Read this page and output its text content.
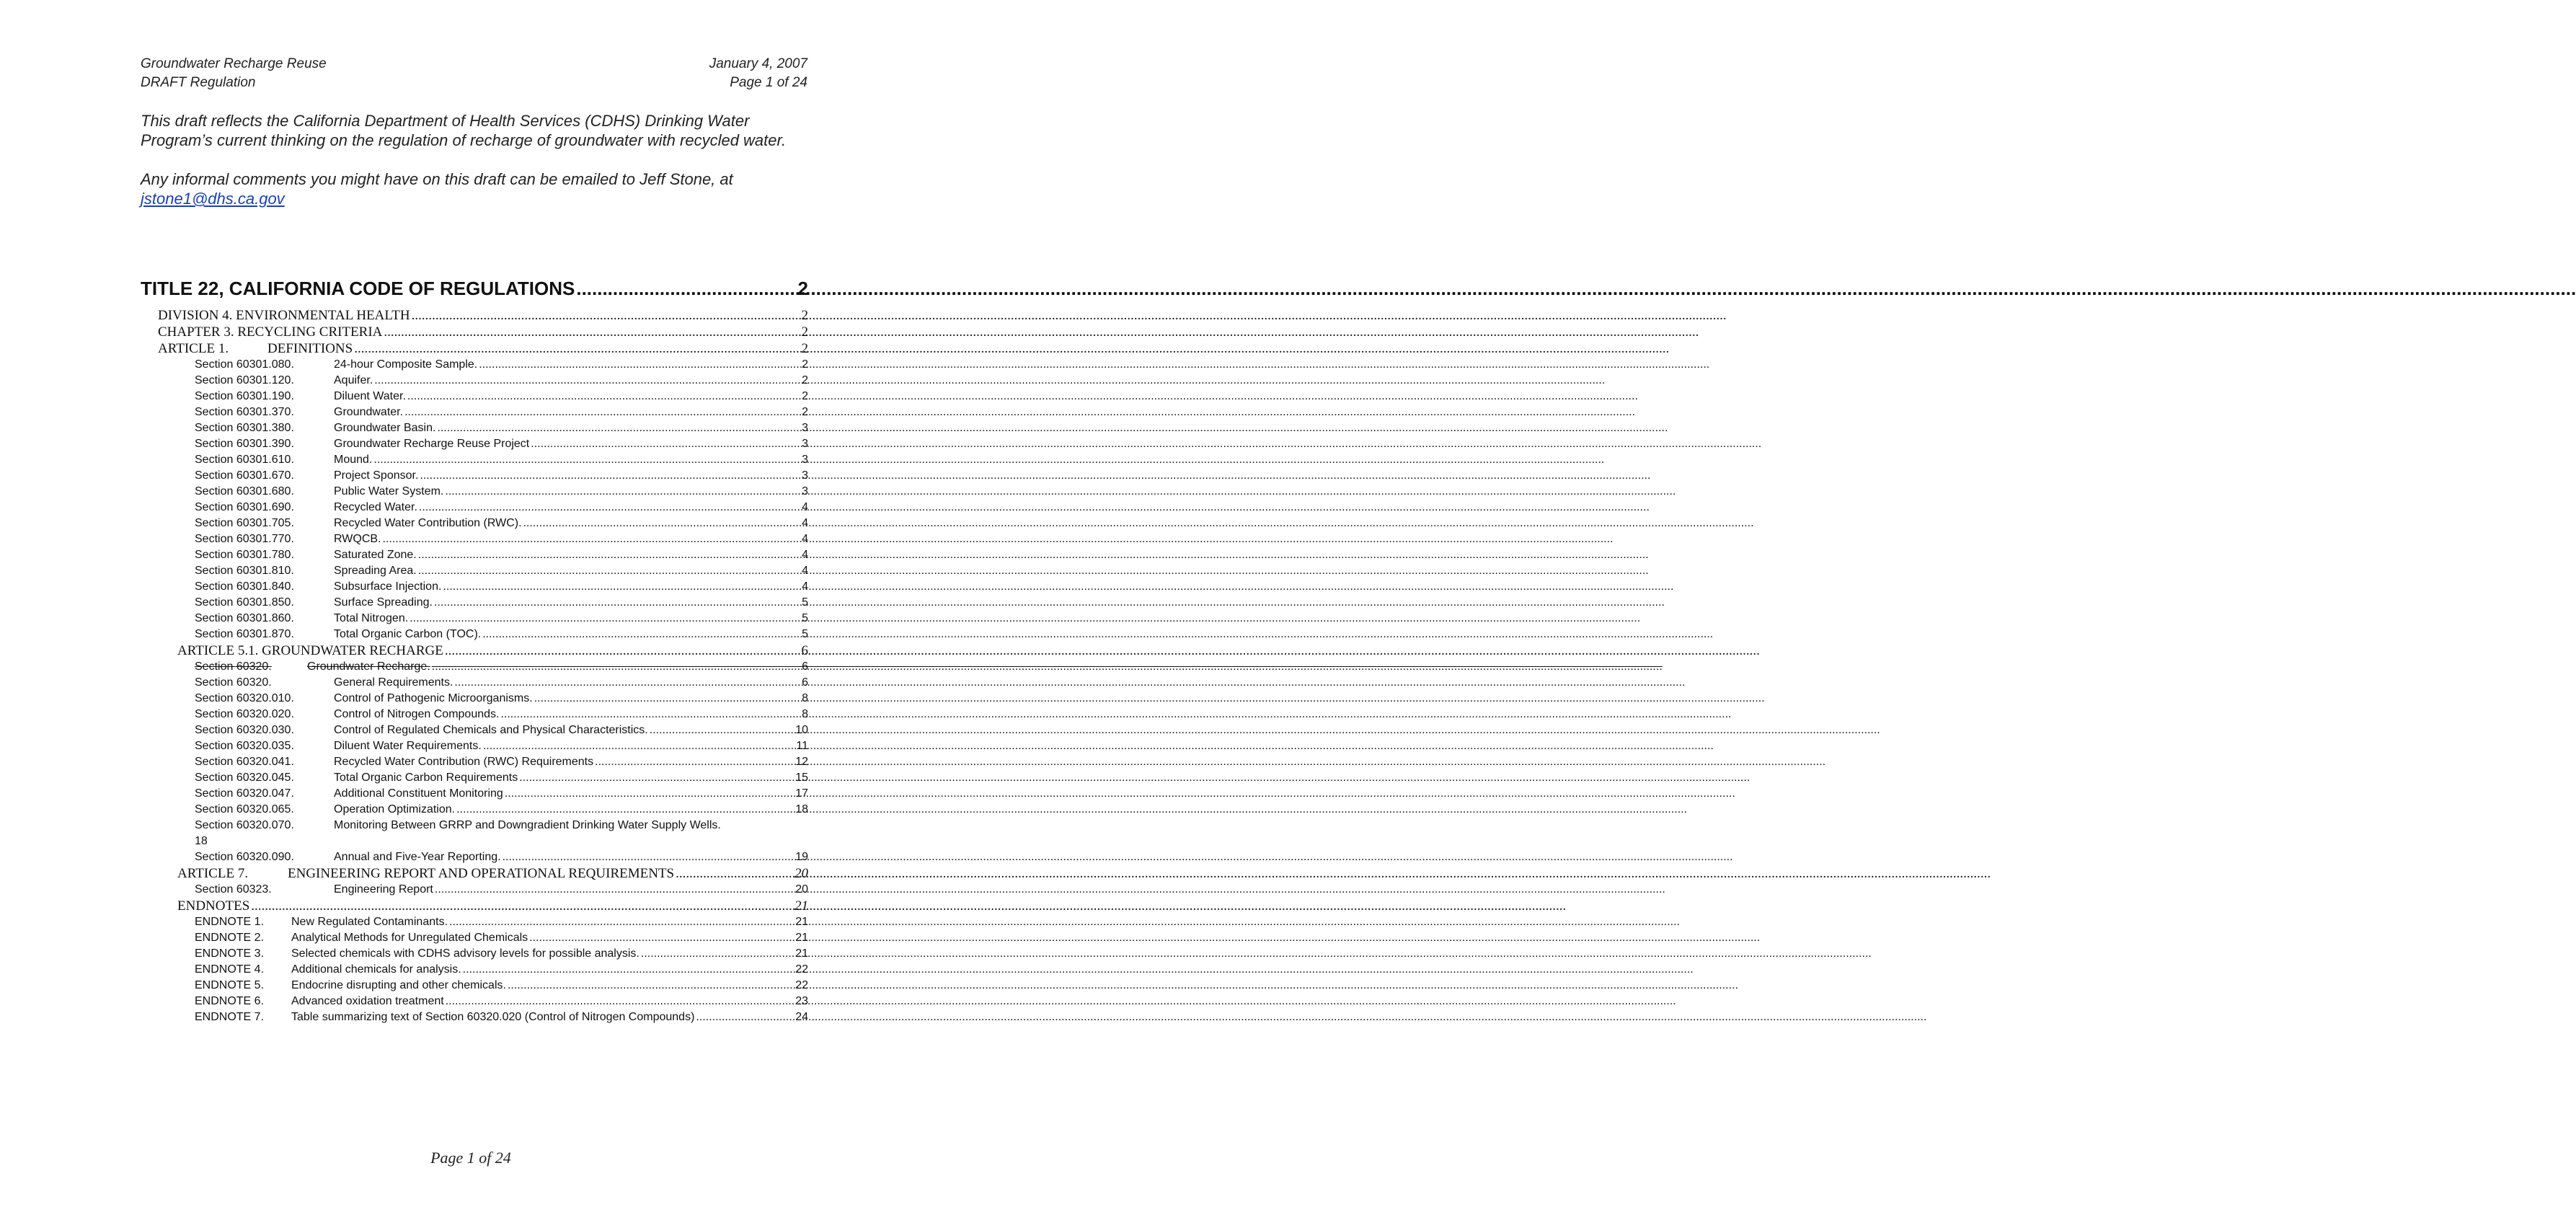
Groundwater Recharge Reuse
DRAFT Regulation
January 4, 2007
Page 1 of 24

This draft reflects the California Department of Health Services (CDHS) Drinking Water Program’s current thinking on the regulation of recharge of groundwater with recycled water.

Any informal comments you might have on this draft can be emailed to Jeff Stone, at
jstone1@dhs.ca.gov

TITLE 22, CALIFORNIA CODE OF REGULATIONS .....	2
DIVISION 4. ENVIRONMENTAL HEALTH .....	2
CHAPTER 3. RECYCLING CRITERIA .....	2
ARTICLE 1.	DEFINITIONS .....	2
Section 60301.080.	24-hour Composite Sample. .....	2
Section 60301.120.	Aquifer. .....	2
Section 60301.190.	Diluent Water. .....	2
Section 60301.370.	Groundwater. .....	2
Section 60301.380.	Groundwater Basin. .....	3
Section 60301.390.	Groundwater Recharge Reuse Project .....	3
Section 60301.610.	Mound. .....	3
Section 60301.670.	Project Sponsor. .....	3
Section 60301.680.	Public Water System. .....	3
Section 60301.690.	Recycled Water. .....	4
Section 60301.705.	Recycled Water Contribution (RWC). .....	4
Section 60301.770.	RWQCB. .....	4
Section 60301.780.	Saturated Zone. .....	4
Section 60301.810.	Spreading Area. .....	4
Section 60301.840.	Subsurface Injection. .....	4
Section 60301.850.	Surface Spreading. .....	5
Section 60301.860.	Total Nitrogen. .....	5
Section 60301.870.	Total Organic Carbon (TOC). .....	5
ARTICLE 5.1. GROUNDWATER RECHARGE .....	6
Section 60320.	Groundwater Recharge. .....	6
Section 60320.	General Requirements. .....	6
Section 60320.010.	Control of Pathogenic Microorganisms. .....	8
Section 60320.020.	Control of Nitrogen Compounds. .....	8
Section 60320.030.	Control of Regulated Chemicals and Physical Characteristics. .....	10
Section 60320.035.	Diluent Water Requirements. .....	11
Section 60320.041.	Recycled Water Contribution (RWC) Requirements .....	12
Section 60320.045.	Total Organic Carbon Requirements .....	15
Section 60320.047.	Additional Constituent Monitoring .....	17
Section 60320.065.	Operation Optimization. .....	18
Section 60320.070.	Monitoring Between GRRP and Downgradient Drinking Water Supply Wells.
18
Section 60320.090.	Annual and Five-Year Reporting. .....	19
ARTICLE 7.	ENGINEERING REPORT AND OPERATIONAL REQUIREMENTS .....	20
Section 60323.	Engineering Report .....	20
ENDNOTES .....	21
ENDNOTE 1.	New Regulated Contaminants. .....	21
ENDNOTE 2.	Analytical Methods for Unregulated Chemicals .....	21
ENDNOTE 3.	Selected chemicals with CDHS advisory levels for possible analysis. .....	21
ENDNOTE 4.	Additional chemicals for analysis. .....	22
ENDNOTE 5.	Endocrine disrupting and other chemicals. .....	22
ENDNOTE 6.	Advanced oxidation treatment .....	23
ENDNOTE 7.	Table summarizing text of Section 60320.020 (Control of Nitrogen Compounds) .....	24
Page 1 of 24
